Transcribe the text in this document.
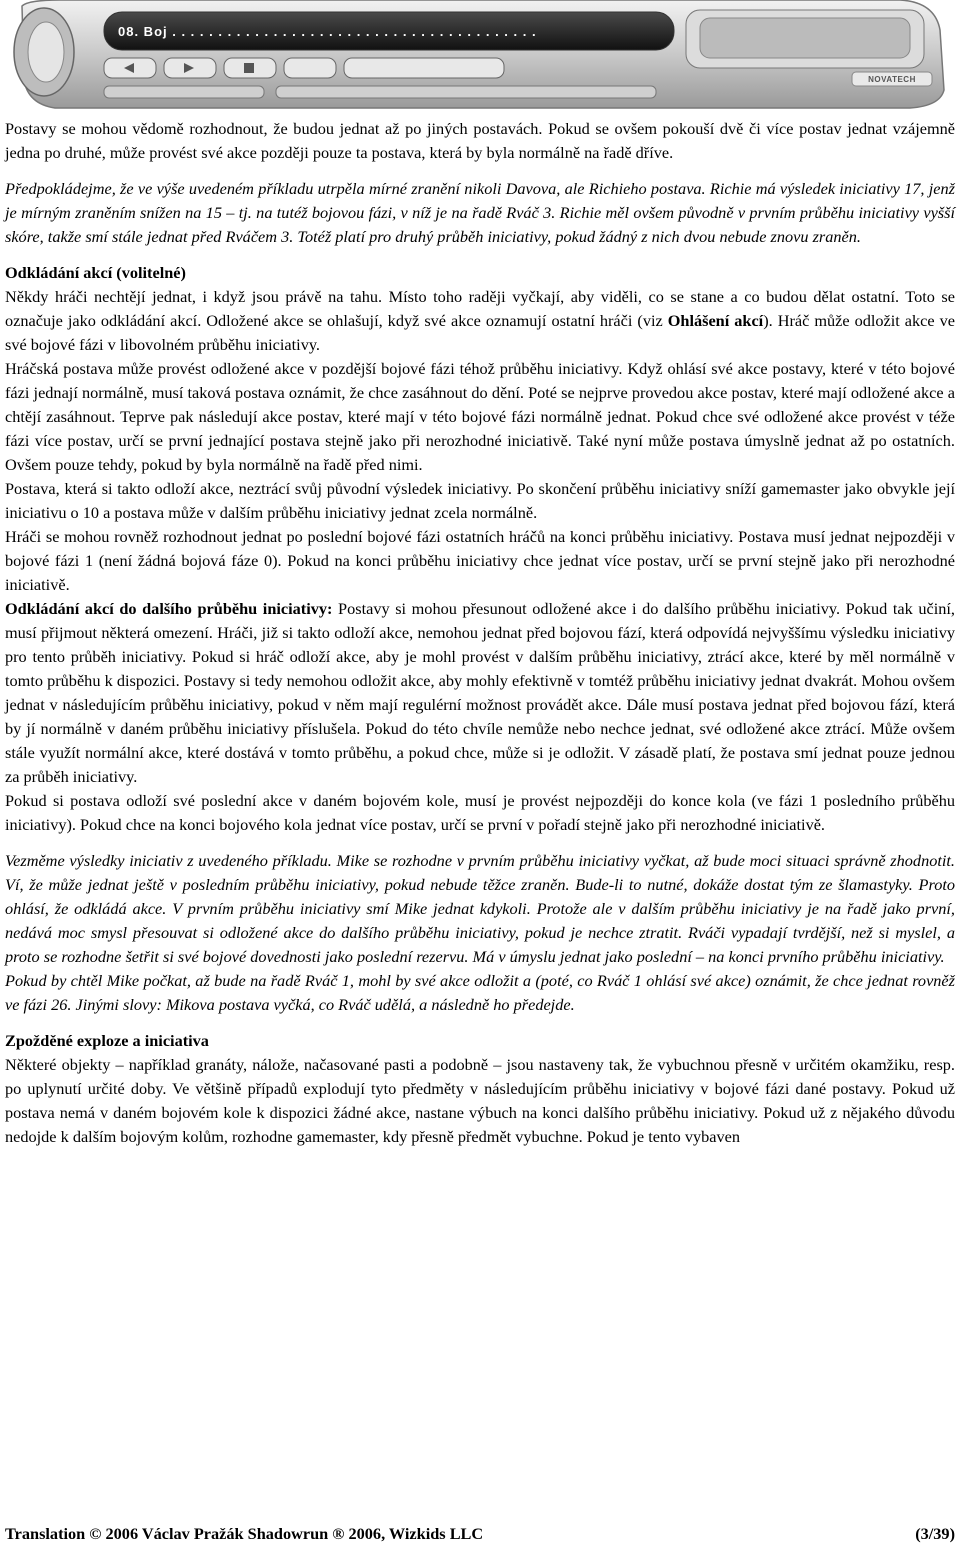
08. Boj . . . . . . . . . . . . . . . . . . . . . . . . . . . . . . . . . . . . . . . .
NOVATECH

Postavy se mohou vědomě rozhodnout, že budou jednat až po jiných postavách. Pokud se ovšem pokouší dvě či více postav jednat vzájemně jedna po druhé, může provést své akce později pouze ta postava, která by byla normálně na řadě dříve.

Předpokládejme, že ve výše uvedeném příkladu utrpěla mírné zranění nikoli Davova, ale Richieho postava. Richie má výsledek iniciativy 17, jenž je mírným zraněním snížen na 15 – tj. na tutéž bojovou fázi, v níž je na řadě Rváč 3. Richie měl ovšem původně v prvním průběhu iniciativy vyšší skóre, takže smí stále jednat před Rváčem 3. Totéž platí pro druhý průběh iniciativy, pokud žádný z nich dvou nebude znovu zraněn.

Odkládání akcí (volitelné)

Někdy hráči nechtějí jednat, i když jsou právě na tahu. Místo toho raději vyčkají, aby viděli, co se stane a co budou dělat ostatní. Toto se označuje jako odkládání akcí. Odložené akce se ohlašují, když své akce oznamují ostatní hráči (viz Ohlášení akcí). Hráč může odložit akce ve své bojové fázi v libovolném průběhu iniciativy.

Hráčská postava může provést odložené akce v pozdější bojové fázi téhož průběhu iniciativy. Když ohlásí své akce postavy, které v této bojové fázi jednají normálně, musí taková postava oznámit, že chce zasáhnout do dění. Poté se nejprve provedou akce postav, které mají odložené akce a chtějí zasáhnout. Teprve pak následují akce postav, které mají v této bojové fázi normálně jednat. Pokud chce své odložené akce provést v téže fázi více postav, určí se první jednající postava stejně jako při nerozhodné iniciativě. Také nyní může postava úmyslně jednat až po ostatních. Ovšem pouze tehdy, pokud by byla normálně na řadě před nimi.

Postava, která si takto odloží akce, neztrácí svůj původní výsledek iniciativy. Po skončení průběhu iniciativy sníží gamemaster jako obvykle její iniciativu o 10 a postava může v dalším průběhu iniciativy jednat zcela normálně.

Hráči se mohou rovněž rozhodnout jednat po poslední bojové fázi ostatních hráčů na konci průběhu iniciativy. Postava musí jednat nejpozději v bojové fázi 1 (není žádná bojová fáze 0). Pokud na konci průběhu iniciativy chce jednat více postav, určí se první stejně jako při nerozhodné iniciativě.

Odkládání akcí do dalšího průběhu iniciativy: Postavy si mohou přesunout odložené akce i do dalšího průběhu iniciativy. Pokud tak učiní, musí přijmout některá omezení. Hráči, již si takto odloží akce, nemohou jednat před bojovou fází, která odpovídá nejvyššímu výsledku iniciativy pro tento průběh iniciativy. Pokud si hráč odloží akce, aby je mohl provést v dalším průběhu iniciativy, ztrácí akce, které by měl normálně v tomto průběhu k dispozici. Postavy si tedy nemohou odložit akce, aby mohly efektivně v tomtéž průběhu iniciativy jednat dvakrát. Mohou ovšem jednat v následujícím průběhu iniciativy, pokud v něm mají regulérní možnost provádět akce. Dále musí postava jednat před bojovou fází, která by jí normálně v daném průběhu iniciativy příslušela. Pokud do této chvíle nemůže nebo nechce jednat, své odložené akce ztrácí. Může ovšem stále využít normální akce, které dostává v tomto průběhu, a pokud chce, může si je odložit. V zásadě platí, že postava smí jednat pouze jednou za průběh iniciativy.

Pokud si postava odloží své poslední akce v daném bojovém kole, musí je provést nejpozději do konce kola (ve fázi 1 posledního průběhu iniciativy). Pokud chce na konci bojového kola jednat více postav, určí se první v pořadí stejně jako při nerozhodné iniciativě.

Vezměme výsledky iniciativ z uvedeného příkladu. Mike se rozhodne v prvním průběhu iniciativy vyčkat, až bude moci situaci správně zhodnotit. Ví, že může jednat ještě v posledním průběhu iniciativy, pokud nebude těžce zraněn. Bude-li to nutné, dokáže dostat tým ze šlamastyky. Proto ohlásí, že odkládá akce. V prvním průběhu iniciativy smí Mike jednat kdykoli. Protože ale v dalším průběhu iniciativy je na řadě jako první, nedává moc smysl přesouvat si odložené akce do dalšího průběhu iniciativy, pokud je nechce ztratit. Rváči vypadají tvrdější, než si myslel, a proto se rozhodne šetřit si své bojové dovednosti jako poslední rezervu. Má v úmyslu jednat jako poslední – na konci prvního průběhu iniciativy.

Pokud by chtěl Mike počkat, až bude na řadě Rváč 1, mohl by své akce odložit a (poté, co Rváč 1 ohlásí své akce) oznámit, že chce jednat rovněž ve fázi 26. Jinými slovy: Mikova postava vyčká, co Rváč udělá, a následně ho předejde.

Zpožděné exploze a iniciativa

Některé objekty – například granáty, nálože, načasované pasti a podobně – jsou nastaveny tak, že vybuchnou přesně v určitém okamžiku, resp. po uplynutí určité doby. Ve většině případů explodují tyto předměty v následujícím průběhu iniciativy v bojové fázi dané postavy. Pokud už postava nemá v daném bojovém kole k dispozici žádné akce, nastane výbuch na konci dalšího průběhu iniciativy. Pokud už z nějakého důvodu nedojde k dalším bojovým kolům, rozhodne gamemaster, kdy přesně předmět vybuchne. Pokud je tento vybaven

Translation © 2006 Václav Pražák Shadowrun ® 2006, Wizkids LLC	(3/39)
